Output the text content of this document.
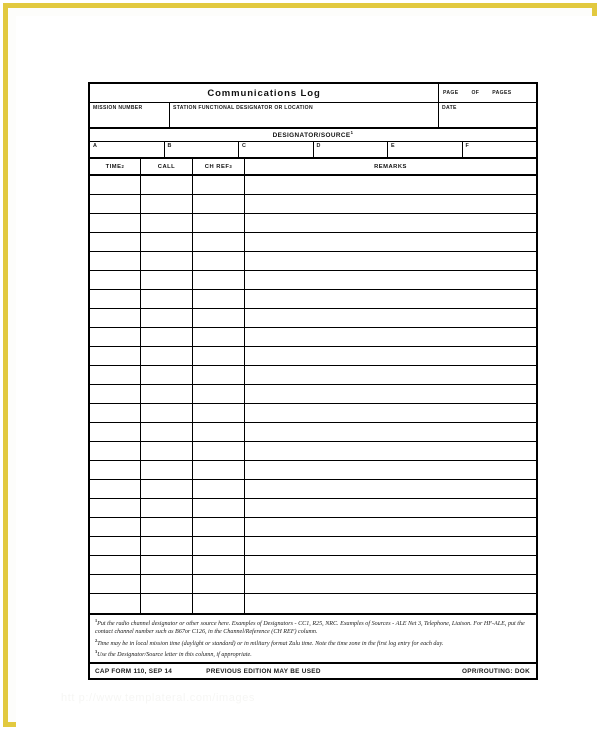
Communications Log	PAGE	OF	PAGES
MISSION NUMBER	STATION FUNCTIONAL DESIGNATOR OR LOCATION	DATE
DESIGNATOR/SOURCE$^1$
A	B	C	D	E	F
TIME 2	CALL	CH REF 3	REMARKS
$^1$Put the radio channel designator or other source here. Examples of Designators - CC1, R25, NRC. Examples of Sources - ALE Net 3, Telephone, Liaison. For HF-ALE, put the contact channel number such as B67or C126, in the Channel/Reference (CH REF) column.
$^2$Time may be in local mission time (daylight or standard) or in military format Zulu time. Note the time zone in the first log entry for each day.
$^3$Use the Designator/Source letter in this column, if appropriate.
CAP FORM 110, SEP 14	PREVIOUS EDITION MAY BE USED	OPR/ROUTING: DOK
htt p://www.templateral.com/images
